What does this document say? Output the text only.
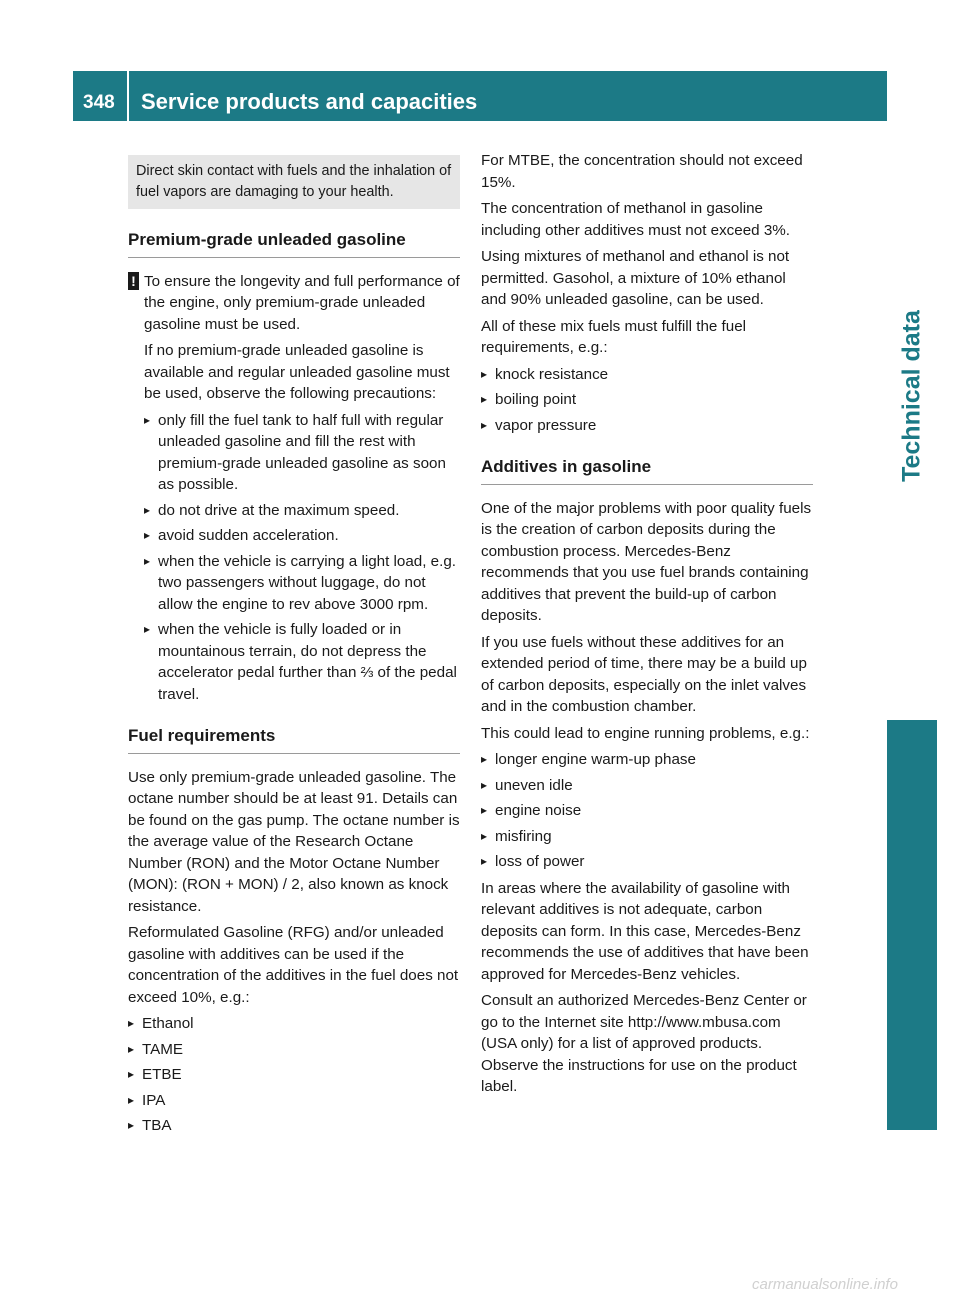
348	Service products and capacities
Technical data
Direct skin contact with fuels and the inhalation of fuel vapors are damaging to your health.
Premium-grade unleaded gasoline
! To ensure the longevity and full performance of the engine, only premium-grade unleaded gasoline must be used.

If no premium-grade unleaded gasoline is available and regular unleaded gasoline must be used, observe the following precautions:

▸ only fill the fuel tank to half full with regular unleaded gasoline and fill the rest with premium-grade unleaded gasoline as soon as possible.
▸ do not drive at the maximum speed.
▸ avoid sudden acceleration.
▸ when the vehicle is carrying a light load, e.g. two passengers without luggage, do not allow the engine to rev above 3000 rpm.
▸ when the vehicle is fully loaded or in mountainous terrain, do not depress the accelerator pedal further than ⅔ of the pedal travel.
Fuel requirements

Use only premium-grade unleaded gasoline. The octane number should be at least 91. Details can be found on the gas pump. The octane number is the average value of the Research Octane Number (RON) and the Motor Octane Number (MON): (RON + MON) / 2, also known as knock resistance.

Reformulated Gasoline (RFG) and/or unleaded gasoline with additives can be used if the concentration of the additives in the fuel does not exceed 10%, e.g.:

▸ Ethanol
▸ TAME
▸ ETBE
▸ IPA
▸ TBA

For MTBE, the concentration should not exceed 15%.

The concentration of methanol in gasoline including other additives must not exceed 3%.

Using mixtures of methanol and ethanol is not permitted. Gasohol, a mixture of 10% ethanol and 90% unleaded gasoline, can be used.

All of these mix fuels must fulfill the fuel requirements, e.g.:

▸ knock resistance
▸ boiling point
▸ vapor pressure
Additives in gasoline

One of the major problems with poor quality fuels is the creation of carbon deposits during the combustion process. Mercedes-Benz recommends that you use fuel brands containing additives that prevent the build-up of carbon deposits.

If you use fuels without these additives for an extended period of time, there may be a build up of carbon deposits, especially on the inlet valves and in the combustion chamber.

This could lead to engine running problems, e.g.:

▸ longer engine warm-up phase
▸ uneven idle
▸ engine noise
▸ misfiring
▸ loss of power

In areas where the availability of gasoline with relevant additives is not adequate, carbon deposits can form. In this case, Mercedes-Benz recommends the use of additives that have been approved for Mercedes-Benz vehicles.

Consult an authorized Mercedes-Benz Center or go to the Internet site http://www.mbusa.com (USA only) for a list of approved products. Observe the instructions for use on the product label.

carmanualsonline.info
